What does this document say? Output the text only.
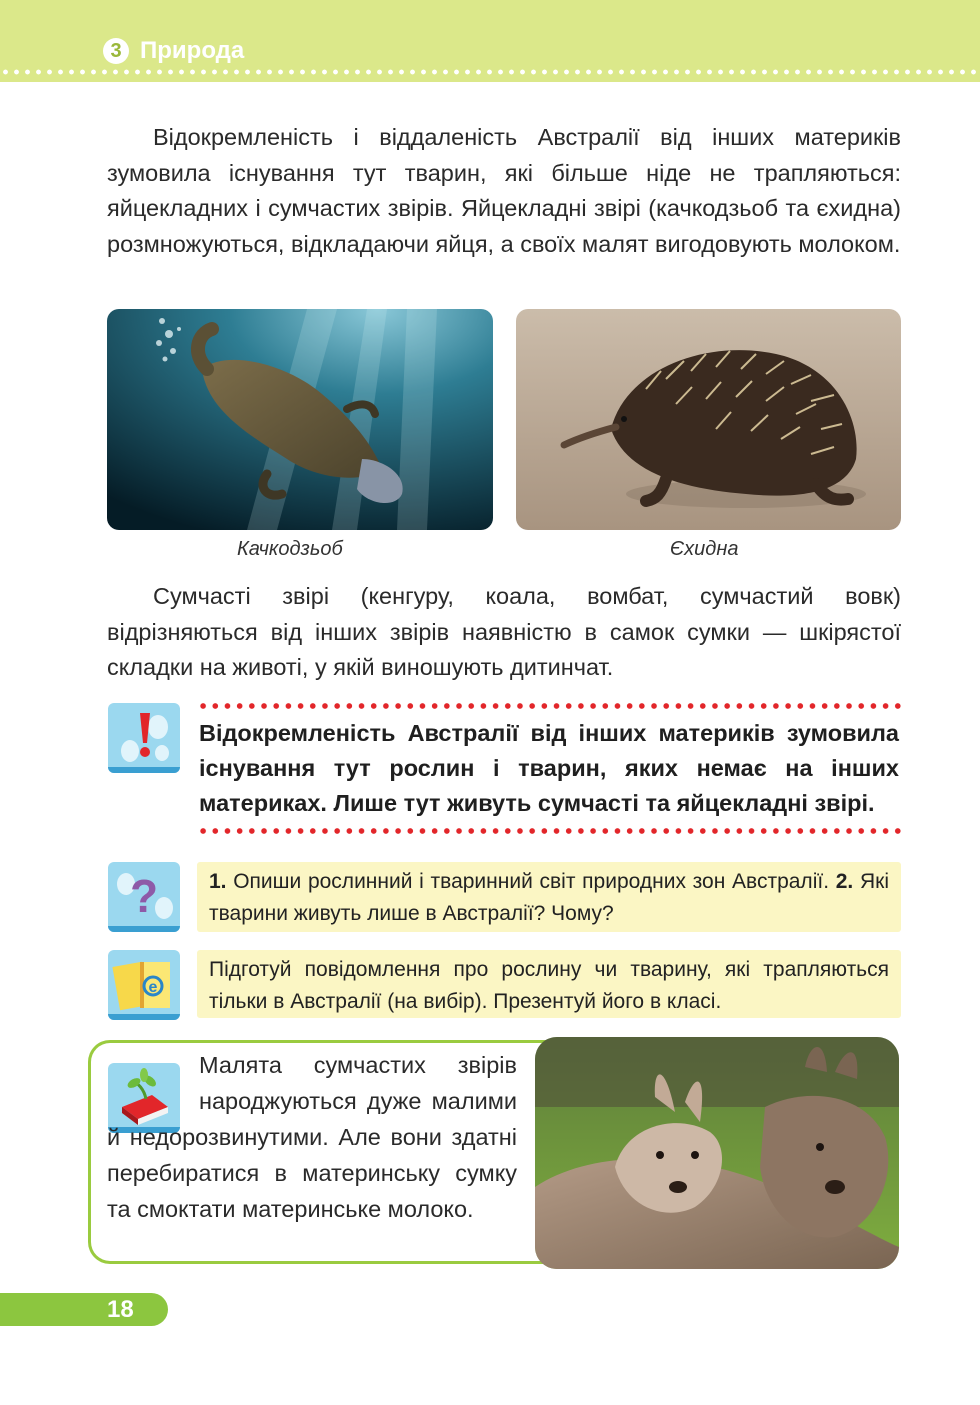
3 Природа
Відокремленість і віддаленість Австралії від інших материків зумовила існування тут тварин, які більше ніде не трапляються: яйцекладних і сумчастих звірів. Яйцекладні звірі (качкодзьоб та єхидна) розмножуються, відкладаючи яйця, а своїх малят вигодовують молоком.
Качкодзьоб	Єхидна
Сумчасті звірі (кенгуру, коала, вомбат, сумчастий вовк) відрізняються від інших звірів наявністю в самок сумки — шкірястої складки на животі, у якій виношують дитинчат.
Відокремленість Австралії від інших материків зумовила існування тут рослин і тварин, яких немає на інших материках. Лише тут живуть сумчасті та яйцекладні звірі.
?	1. Опиши рослинний і тваринний світ природних зон Австралії. 2. Які тварини живуть лише в Австралії? Чому?
e
Підготуй повідомлення про рослину чи тварину, які трапляються тільки в Австралії (на вибір). Презентуй його в класі.
Малята сумчастих звірів народжуються дуже малими й недорозвинутими. Але вони здатні перебиратися в материнську сумку та смоктати материнське молоко.
18
